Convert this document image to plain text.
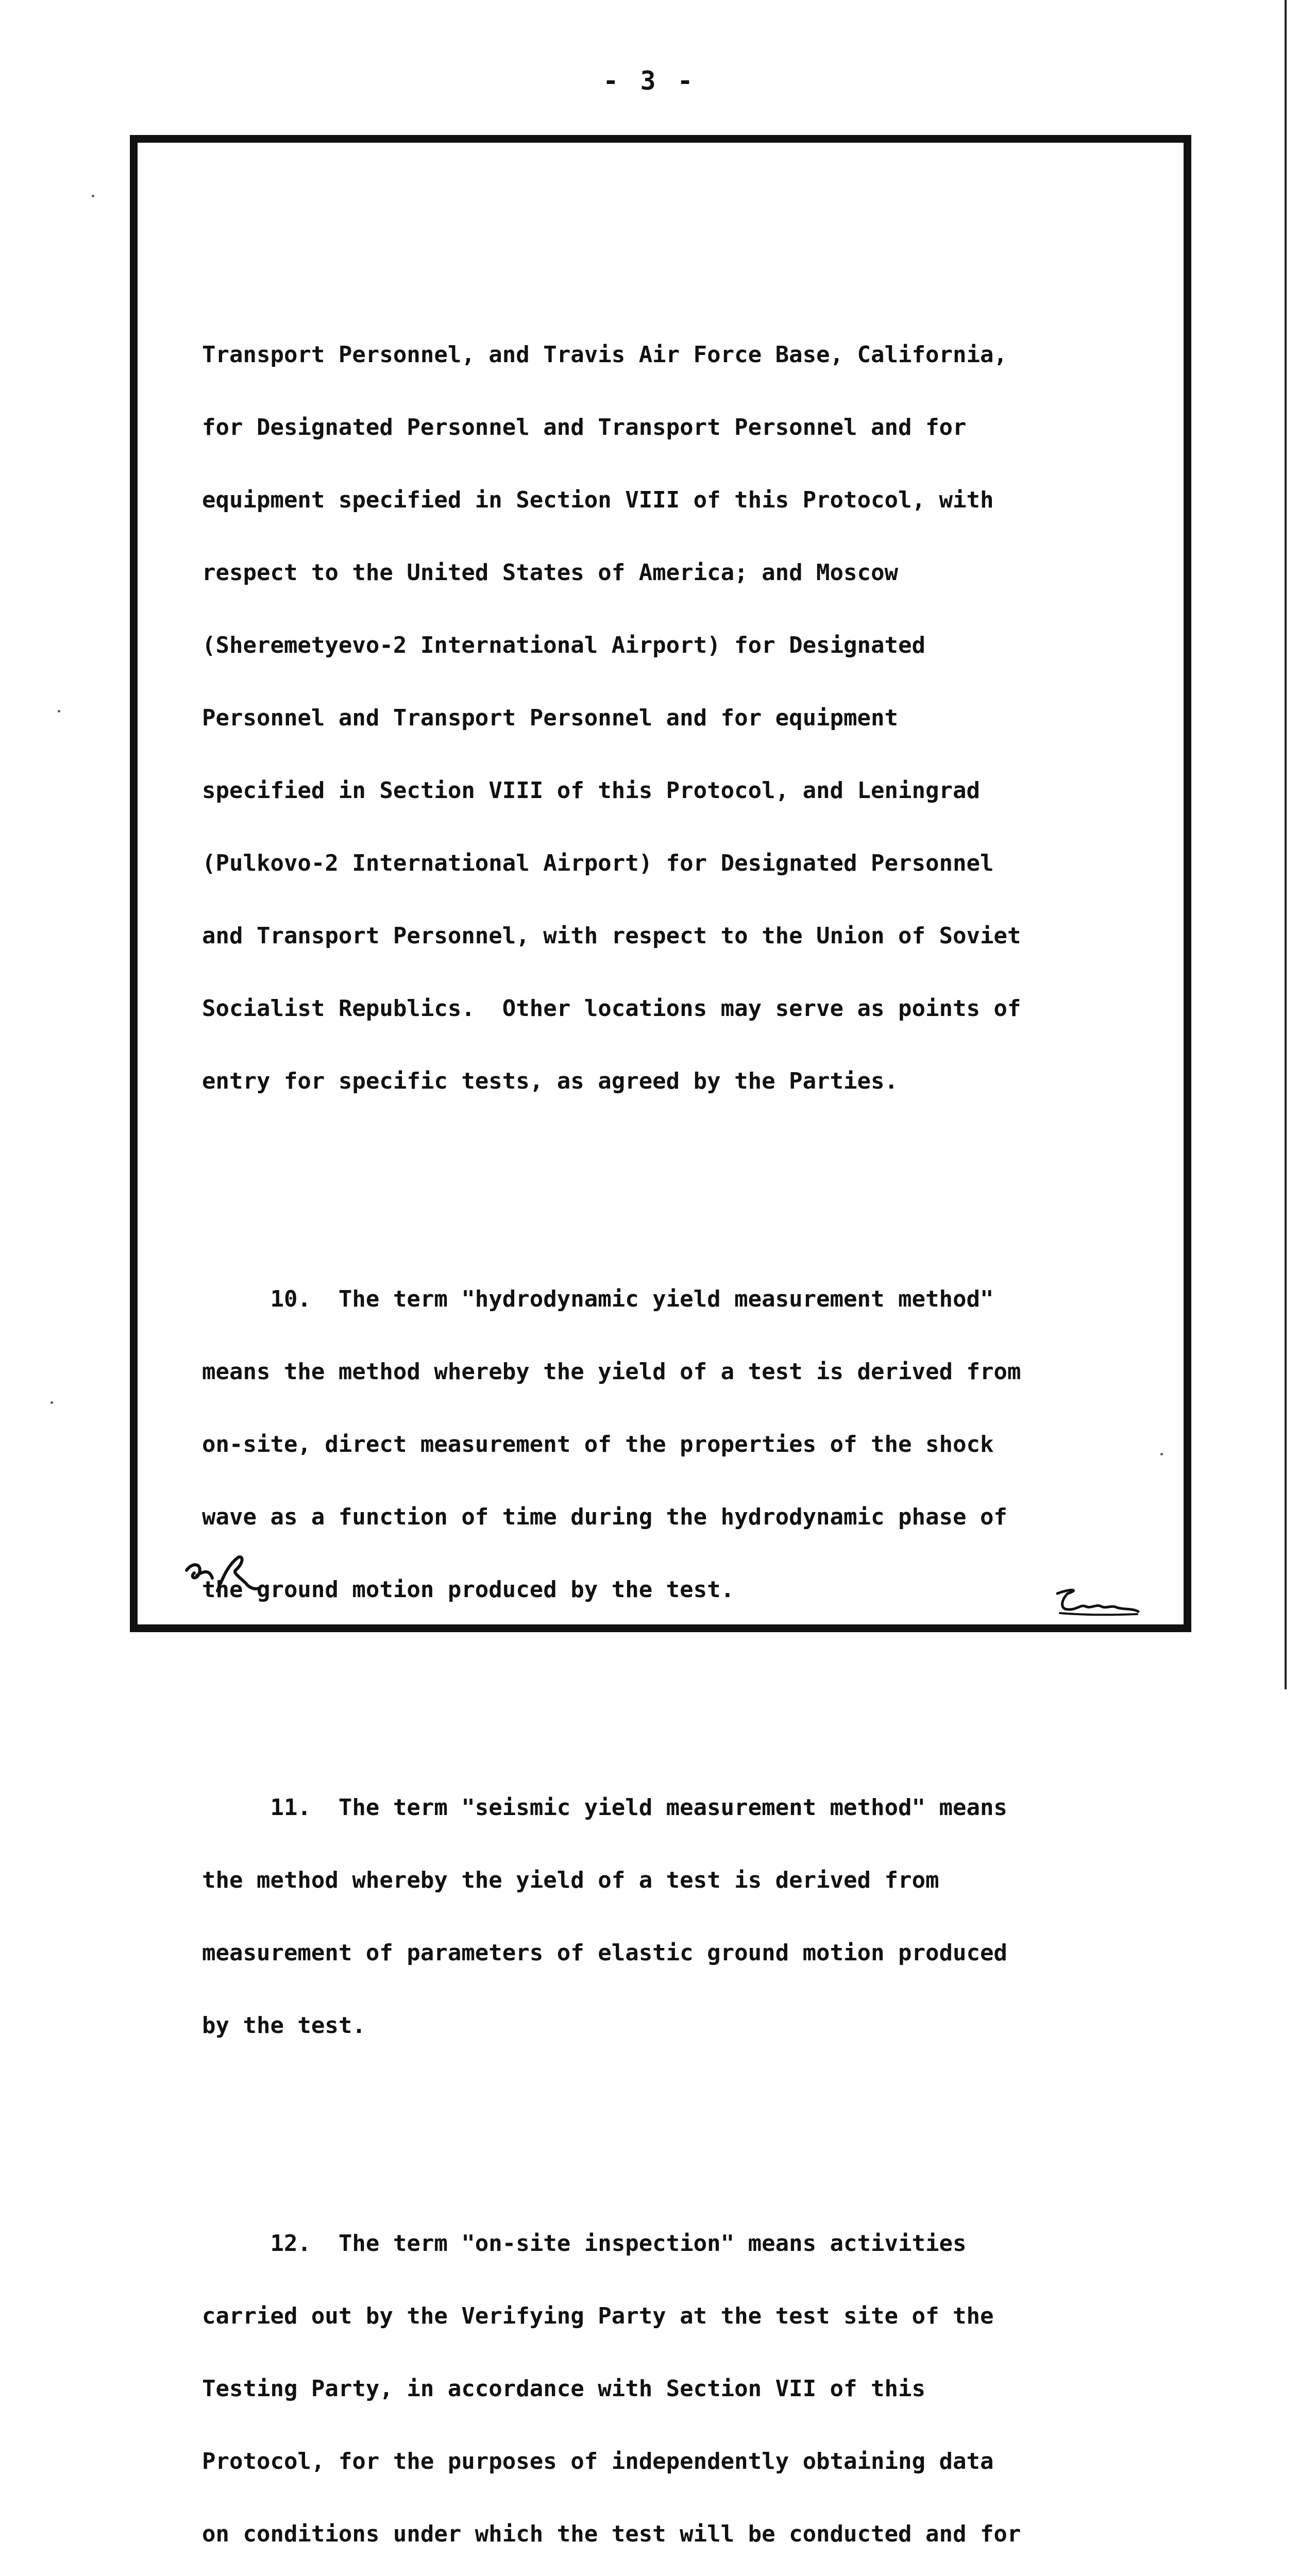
- 3 -

Transport Personnel, and Travis Air Force Base, California,

for Designated Personnel and Transport Personnel and for

equipment specified in Section VIII of this Protocol, with

respect to the United States of America; and Moscow

(Sheremetyevo-2 International Airport) for Designated

Personnel and Transport Personnel and for equipment

specified in Section VIII of this Protocol, and Leningrad

(Pulkovo-2 International Airport) for Designated Personnel

and Transport Personnel, with respect to the Union of Soviet

Socialist Republics.  Other locations may serve as points of

entry for specific tests, as agreed by the Parties.

10.  The term "hydrodynamic yield measurement method"

means the method whereby the yield of a test is derived from

on-site, direct measurement of the properties of the shock

wave as a function of time during the hydrodynamic phase of

the ground motion produced by the test.

11.  The term "seismic yield measurement method" means

the method whereby the yield of a test is derived from

measurement of parameters of elastic ground motion produced

by the test.

12.  The term "on-site inspection" means activities

carried out by the Verifying Party at the test site of the

Testing Party, in accordance with Section VII of this

Protocol, for the purposes of independently obtaining data

on conditions under which the test will be conducted and for
